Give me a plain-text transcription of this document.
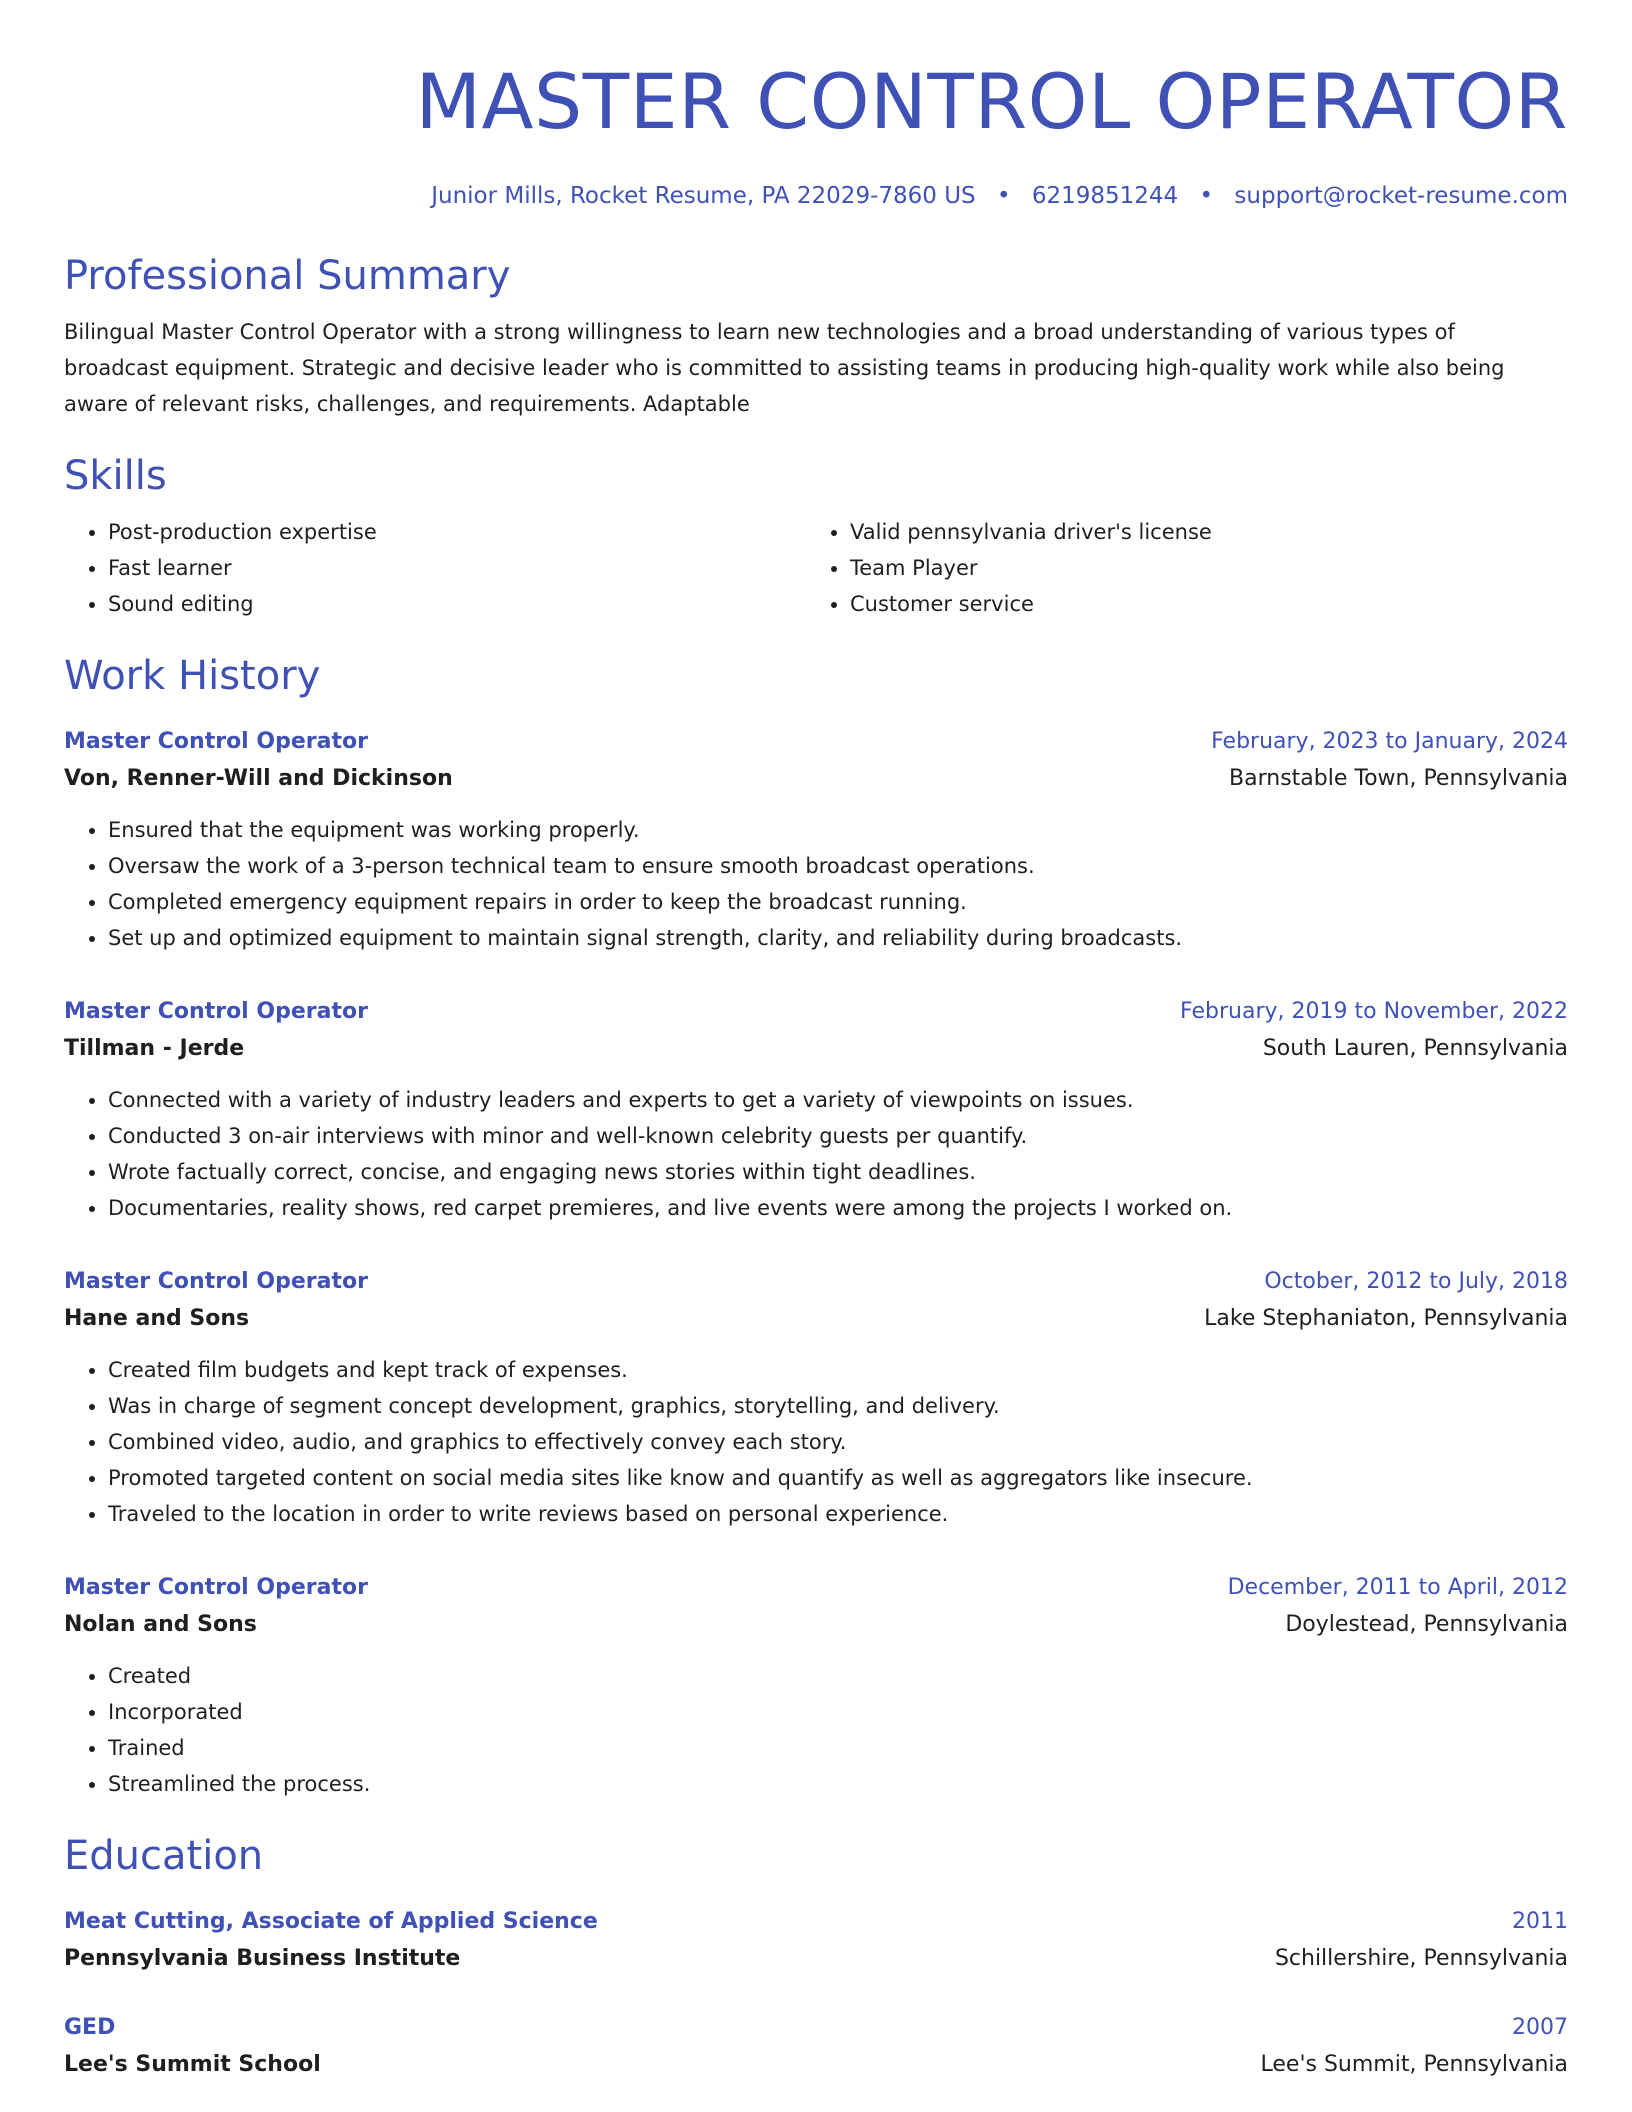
MASTER CONTROL OPERATOR
Junior Mills, Rocket Resume, PA 22029-7860 US • 6219851244 • support@rocket-resume.com
Professional Summary

Bilingual Master Control Operator with a strong willingness to learn new technologies and a broad understanding of various types of broadcast equipment. Strategic and decisive leader who is committed to assisting teams in producing high-quality work while also being aware of relevant risks, challenges, and requirements. Adaptable

Skills
• Post-production expertise
• Fast learner
• Sound editing
• Valid pennsylvania driver's license
• Team Player
• Customer service
Work History
Master Control Operator	February, 2023 to January, 2024
Von, Renner-Will and Dickinson	Barnstable Town, Pennsylvania
• Ensured that the equipment was working properly.
• Oversaw the work of a 3-person technical team to ensure smooth broadcast operations.
• Completed emergency equipment repairs in order to keep the broadcast running.
• Set up and optimized equipment to maintain signal strength, clarity, and reliability during broadcasts.
Master Control Operator	February, 2019 to November, 2022
Tillman - Jerde	South Lauren, Pennsylvania
• Connected with a variety of industry leaders and experts to get a variety of viewpoints on issues.
• Conducted 3 on-air interviews with minor and well-known celebrity guests per quantify.
• Wrote factually correct, concise, and engaging news stories within tight deadlines.
• Documentaries, reality shows, red carpet premieres, and live events were among the projects I worked on.
Master Control Operator	October, 2012 to July, 2018
Hane and Sons	Lake Stephaniaton, Pennsylvania
• Created film budgets and kept track of expenses.
• Was in charge of segment concept development, graphics, storytelling, and delivery.
• Combined video, audio, and graphics to effectively convey each story.
• Promoted targeted content on social media sites like know and quantify as well as aggregators like insecure.
• Traveled to the location in order to write reviews based on personal experience.
Master Control Operator	December, 2011 to April, 2012
Nolan and Sons	Doylestead, Pennsylvania
• Created
• Incorporated
• Trained
• Streamlined the process.
Education
Meat Cutting, Associate of Applied Science	2011
Pennsylvania Business Institute	Schillershire, Pennsylvania
GED	2007
Lee's Summit School	Lee's Summit, Pennsylvania
